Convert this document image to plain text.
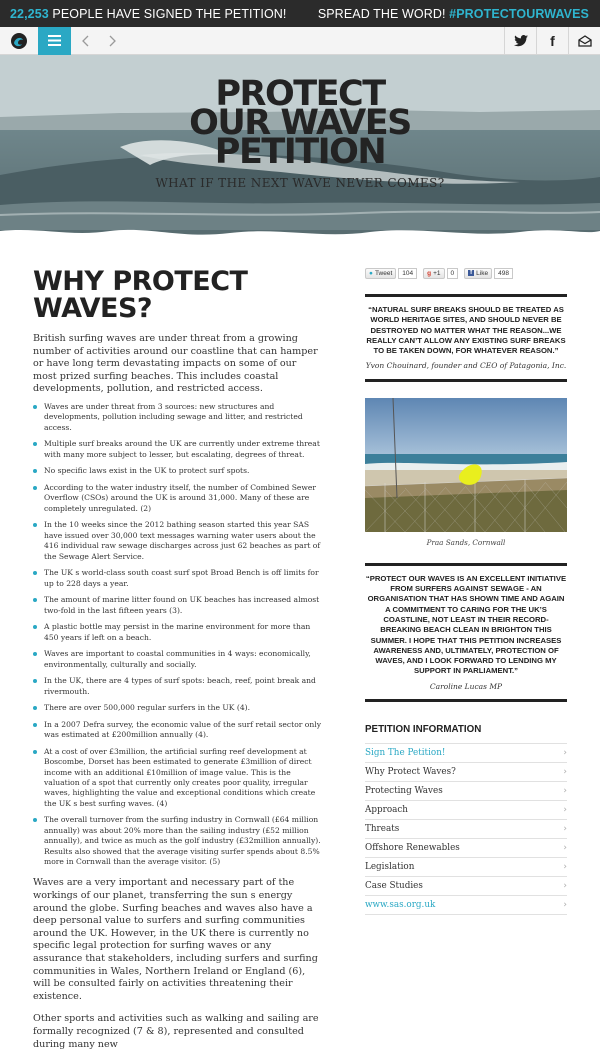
22,253 PEOPLE HAVE SIGNED THE PETITION!	SPREAD THE WORD! #PROTECTOURWAVES
f
PROTECT
OUR WAVES
PETITION
WHAT IF THE NEXT WAVE NEVER COMES?
WHY PROTECT
WAVES?

British surfing waves are under threat from a growing number of activities around our coastline that can hamper or have long term devastating impacts on some of our most prized surfing beaches. This includes coastal developments, pollution, and restricted access.

Waves are under threat from 3 sources: new structures and developments, pollution including sewage and litter, and restricted access.
Multiple surf breaks around the UK are currently under extreme threat with many more subject to lesser, but escalating, degrees of threat.
No specific laws exist in the UK to protect surf spots.
According to the water industry itself, the number of Combined Sewer Overflow (CSOs) around the UK is around 31,000. Many of these are completely unregulated. (2)
In the 10 weeks since the 2012 bathing season started this year SAS have issued over 30,000 text messages warning water users about the 416 individual raw sewage discharges across just 62 beaches as part of the Sewage Alert Service.
The UK s world-class south coast surf spot Broad Bench is off limits for up to 228 days a year.
The amount of marine litter found on UK beaches has increased almost two-fold in the last fifteen years (3).
A plastic bottle may persist in the marine environment for more than 450 years if left on a beach.
Waves are important to coastal communities in 4 ways: economically, environmentally, culturally and socially.
In the UK, there are 4 types of surf spots: beach, reef, point break and rivermouth.
There are over 500,000 regular surfers in the UK (4).
In a 2007 Defra survey, the economic value of the surf retail sector only was estimated at £200million annually (4).
At a cost of over £3million, the artificial surfing reef development at Boscombe, Dorset has been estimated to generate £3million of direct income with an additional £10million of image value. This is the valuation of a spot that currently only creates poor quality, irregular waves, highlighting the value and exceptional conditions which create the UK s best surfing waves. (4)
The overall turnover from the surfing industry in Cornwall (£64 million annually) was about 20% more than the sailing industry (£52 million annually), and twice as much as the golf industry (£32million annually). Results also showed that the average visiting surfer spends about 8.5% more in Cornwall than the average visitor. (5)

Waves are a very important and necessary part of the workings of our planet, transferring the sun s energy around the globe. Surfing beaches and waves also have a deep personal value to surfers and surfing communities around the UK. However, in the UK there is currently no specific legal protection for surfing waves or any assurance that stakeholders, including surfers and surfing communities in Wales, Northern Ireland or England (6), will be consulted fairly on activities threatening their existence.

Other sports and activities such as walking and sailing are formally recognized (7 & 8), represented and consulted during many new

● Tweet	104	g +1	0	f Like	498

“NATURAL SURF BREAKS SHOULD BE TREATED AS WORLD HERITAGE SITES, AND SHOULD NEVER BE DESTROYED NO MATTER WHAT THE REASON...WE REALLY CAN’T ALLOW ANY EXISTING SURF BREAKS TO BE TAKEN DOWN, FOR WHATEVER REASON.”

Yvon Chouinard, founder and CEO of Patagonia, Inc.

Praa Sands, Cornwall

“PROTECT OUR WAVES IS AN EXCELLENT INITIATIVE FROM SURFERS AGAINST SEWAGE - AN ORGANISATION THAT HAS SHOWN TIME AND AGAIN A COMMITMENT TO CARING FOR THE UK’S COASTLINE, NOT LEAST IN THEIR RECORD-BREAKING BEACH CLEAN IN BRIGHTON THIS SUMMER. I HOPE THAT THIS PETITION INCREASES AWARENESS AND, ULTIMATELY, PROTECTION OF WAVES, AND I LOOK FORWARD TO LENDING MY SUPPORT IN PARLIAMENT.”

Caroline Lucas MP

PETITION INFORMATION
Sign The Petition!	›
Why Protect Waves?	›
Protecting Waves	›
Approach	›
Threats	›
Offshore Renewables	›
Legislation	›
Case Studies	›
www.sas.org.uk	›
